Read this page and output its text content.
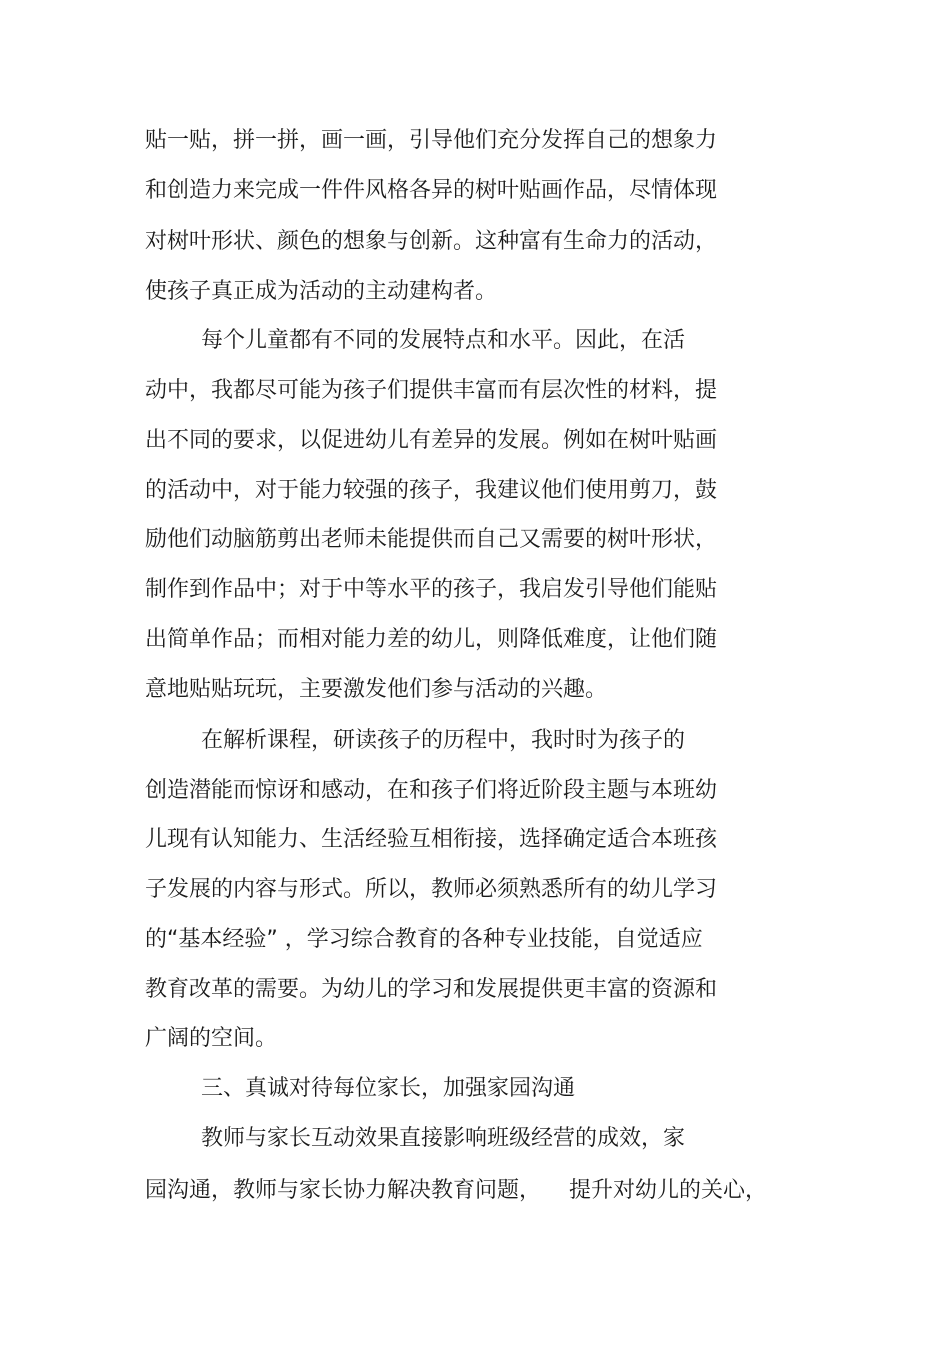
贴一贴，拼一拼，画一画，引导他们充分发挥自己的想象力

和创造力来完成一件件风格各异的树叶贴画作品，尽情体现

对树叶形状、颜色的想象与创新。这种富有生命力的活动，

使孩子真正成为活动的主动建构者。

每个儿童都有不同的发展特点和水平。因此，在活

动中，我都尽可能为孩子们提供丰富而有层次性的材料，提

出不同的要求，以促进幼儿有差异的发展。例如在树叶贴画

的活动中，对于能力较强的孩子，我建议他们使用剪刀，鼓

励他们动脑筋剪出老师未能提供而自己又需要的树叶形状，

制作到作品中；对于中等水平的孩子，我启发引导他们能贴

出简单作品；而相对能力差的幼儿，则降低难度，让他们随

意地贴贴玩玩，主要激发他们参与活动的兴趣。

在解析课程，研读孩子的历程中，我时时为孩子的

创造潜能而惊讶和感动，在和孩子们将近阶段主题与本班幼

儿现有认知能力、生活经验互相衔接，选择确定适合本班孩

子发展的内容与形式。所以，教师必须熟悉所有的幼儿学习

的“基本经验” ，学习综合教育的各种专业技能，自觉适应

教育改革的需要。为幼儿的学习和发展提供更丰富的资源和

广阔的空间。

三、真诚对待每位家长，加强家园沟通

教师与家长互动效果直接影响班级经营的成效，家

园沟通，教师与家长协力解决教育问题，    提升对幼儿的关心，
